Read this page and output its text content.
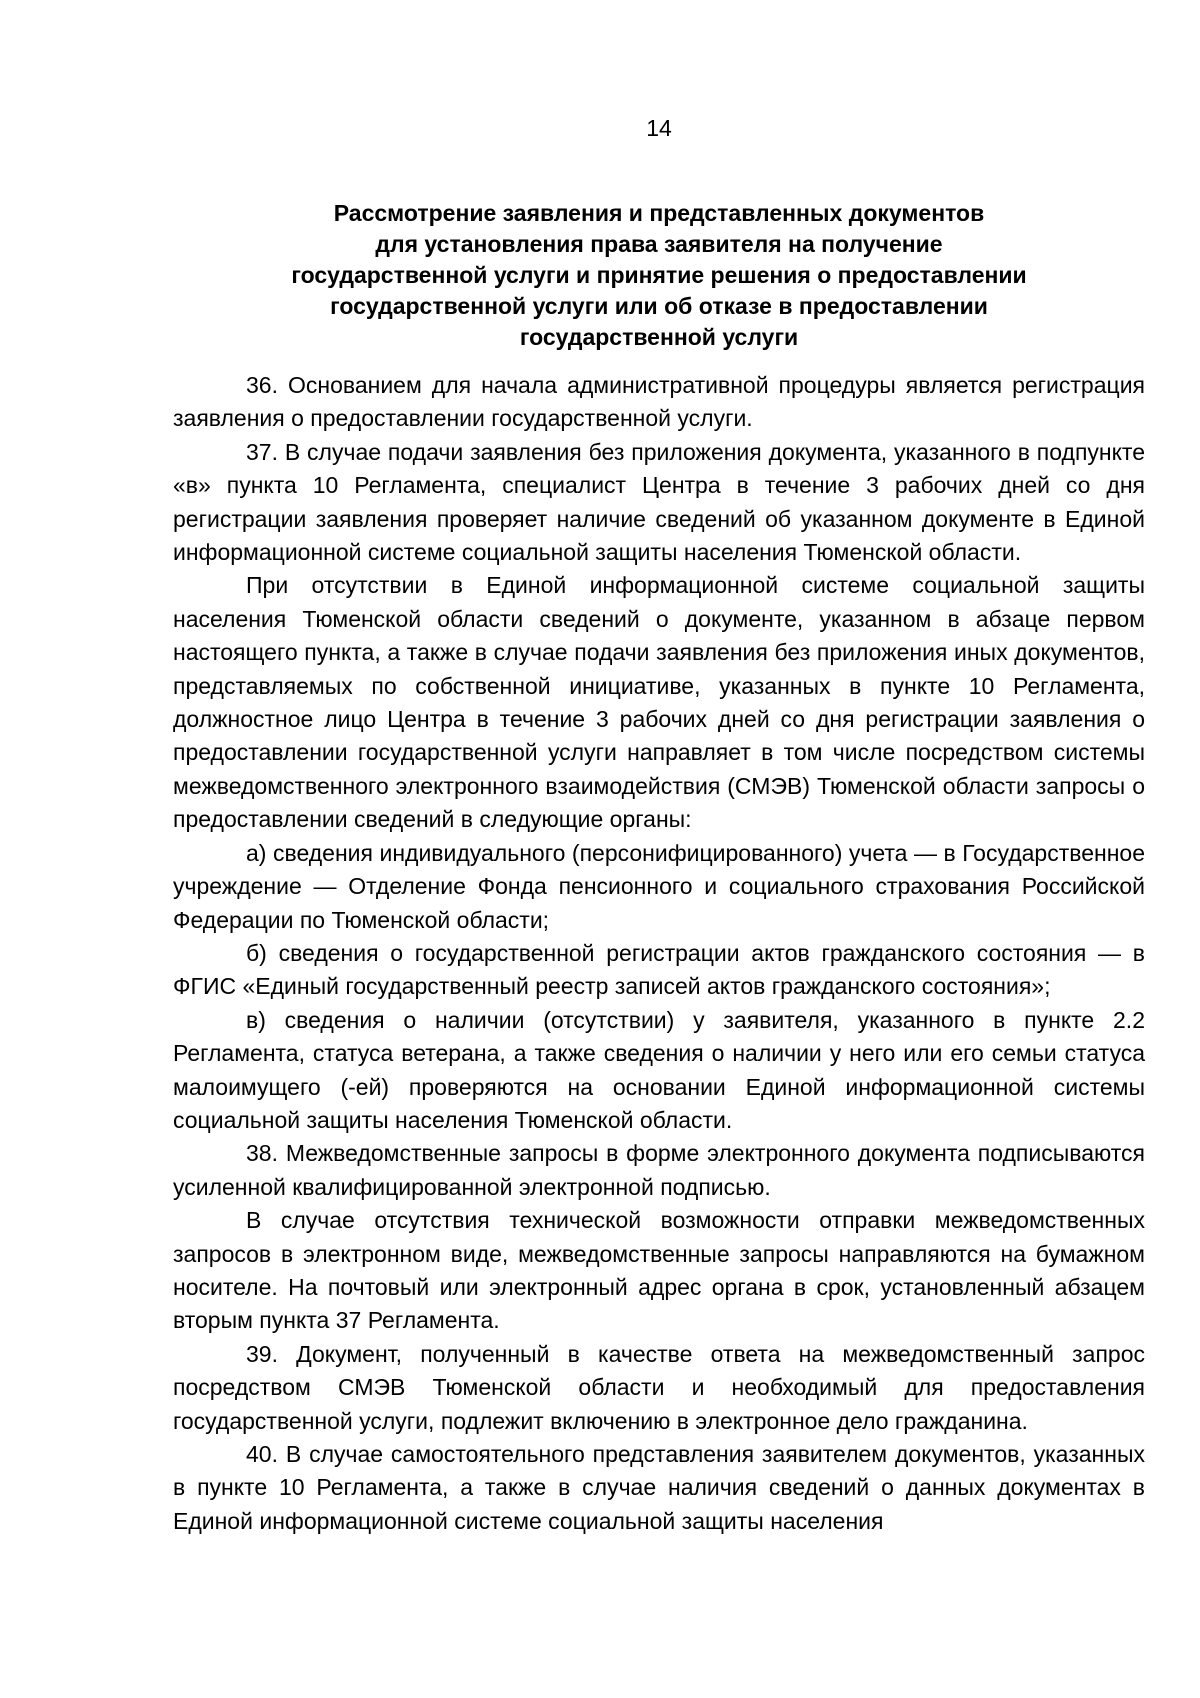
14
Рассмотрение заявления и представленных документов
для установления права заявителя на получение
государственной услуги и принятие решения о предоставлении
государственной услуги или об отказе в предоставлении
государственной услуги

36. Основанием для начала административной процедуры является регистрация заявления о предоставлении государственной услуги.

37. В случае подачи заявления без приложения документа, указанного в подпункте «в» пункта 10 Регламента, специалист Центра в течение 3 рабочих дней со дня регистрации заявления проверяет наличие сведений об указанном документе в Единой информационной системе социальной защиты населения Тюменской области.

При отсутствии в Единой информационной системе социальной защиты населения Тюменской области сведений о документе, указанном в абзаце первом настоящего пункта, а также в случае подачи заявления без приложения иных документов, представляемых по собственной инициативе, указанных в пункте 10 Регламента, должностное лицо Центра в течение 3 рабочих дней со дня регистрации заявления о предоставлении государственной услуги направляет в том числе посредством системы межведомственного электронного взаимодействия (СМЭВ) Тюменской области запросы о предоставлении сведений в следующие органы:

а) сведения индивидуального (персонифицированного) учета — в Государственное учреждение — Отделение Фонда пенсионного и социального страхования Российской Федерации по Тюменской области;

б) сведения о государственной регистрации актов гражданского состояния — в ФГИС «Единый государственный реестр записей актов гражданского состояния»;

в) сведения о наличии (отсутствии) у заявителя, указанного в пункте 2.2 Регламента, статуса ветерана, а также сведения о наличии у него или его семьи статуса малоимущего (-ей) проверяются на основании Единой информационной системы социальной защиты населения Тюменской области.

38. Межведомственные запросы в форме электронного документа подписываются усиленной квалифицированной электронной подписью.

В случае отсутствия технической возможности отправки межведомственных запросов в электронном виде, межведомственные запросы направляются на бумажном носителе. На почтовый или электронный адрес органа в срок, установленный абзацем вторым пункта 37 Регламента.

39. Документ, полученный в качестве ответа на межведомственный запрос посредством СМЭВ Тюменской области и необходимый для предоставления государственной услуги, подлежит включению в электронное дело гражданина.

40. В случае самостоятельного представления заявителем документов, указанных в пункте 10 Регламента, а также в случае наличия сведений о данных документах в Единой информационной системе социальной защиты населения
